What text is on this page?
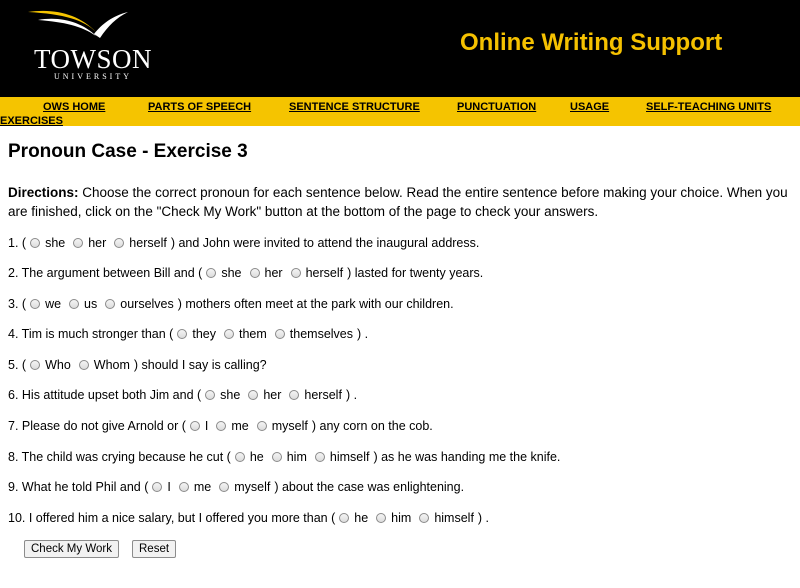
TOWSON
UNIVERSITY
Online Writing Support
OWS HOME	PARTS OF SPEECH	SENTENCE STRUCTURE	PUNCTUATION	USAGE	SELF-TEACHING UNITS
EXERCISES
Pronoun Case - Exercise 3
Directions: Choose the correct pronoun for each sentence below. Read the entire sentence before making your choice. When you are finished, click on the "Check My Work" button at the bottom of the page to check your answers.
1. ( she her herself ) and John were invited to attend the inaugural address.
2. The argument between Bill and ( she her herself ) lasted for twenty years.
3. ( we us ourselves ) mothers often meet at the park with our children.
4. Tim is much stronger than ( they them themselves ) .
5. ( Who Whom ) should I say is calling?
6. His attitude upset both Jim and ( she her herself ) .
7. Please do not give Arnold or ( I me myself ) any corn on the cob.
8. The child was crying because he cut ( he him himself ) as he was handing me the knife.
9. What he told Phil and ( I me myself ) about the case was enlightening.
10. I offered him a nice salary, but I offered you more than ( he him himself ) .
Check My Work	Reset
